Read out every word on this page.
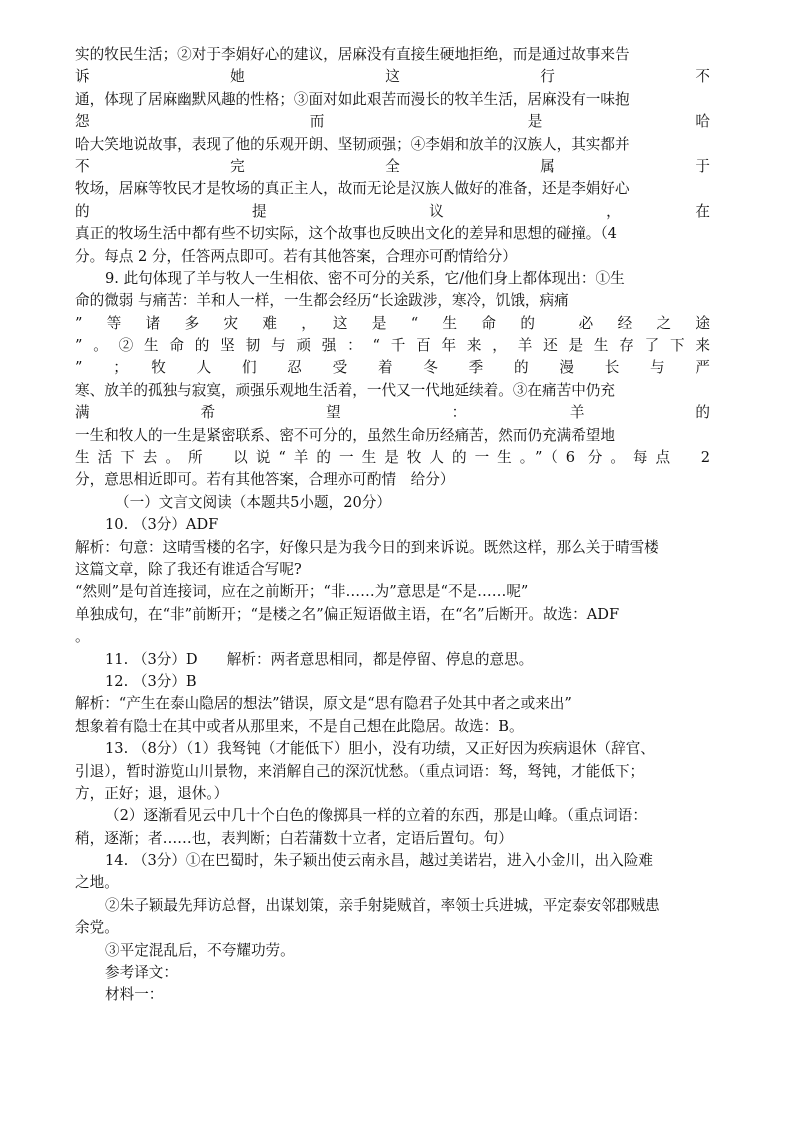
实的牧民生活；②对于李娟好心的建议，居麻没有直接生硬地拒绝，而是通过故事来告
诉　　　　　　　　她　　　　　　　　这　　　　　　　　行　　　　　　　　不
通，体现了居麻幽默风趣的性格；③面对如此艰苦而漫长的牧羊生活，居麻没有一味抱
怨　　　　　　　　　　　　　而　　　　　　　　　　　　是　　　　　　　　　哈
哈大笑地说故事，表现了他的乐观开朗、坚韧顽强；④李娟和放羊的汉族人，其实都并
不　　　　　　完　　　　　　全　　　　　　属　　　　　　于
牧场，居麻等牧民才是牧场的真正主人，故而无论是汉族人做好的准备，还是李娟好心
的　　　　　　　　　　提　　　　　　　　　　议　　　　　　　　　　，　　　　　在
真正的牧场生活中都有些不切实际，这个故事也反映出文化的差异和思想的碰撞。（4
分。每点 2 分，任答两点即可。若有其他答案，合理亦可酌情给分）
9. 此句体现了羊与牧人一生相依、密不可分的关系，它/他们身上都体现出：①生
命的微弱 与痛苦：羊和人一样，一生都会经历“长途跋涉，寒冷，饥饿，病痛
”　等　诸　多　灾　难　，　这　是　“　生　命　的　　必　经　之　途
”。②生命的坚韧与顽强：“千百年来，羊还是生存了下来
”　；　牧　人　们　忍　受　着　冬　季　的　漫　长　与　严
寒、放羊的孤独与寂寞，顽强乐观地生活着，一代又一代地延续着。③在痛苦中仍充
满　　　　　　希　　　　　　望　　　　　　：　　　　　　羊　　　　　　的
一生和牧人的一生是紧密联系、密不可分的，虽然生命历经痛苦，然而仍充满希望地
生活下去。所　以说“羊的一生是牧人的一生。”（6 分。每点　2
分，意思相近即可。若有其他答案，合理亦可酌情　给分）
（一）文言文阅读（本题共5小题，20分）
10. （3分）ADF
解析：句意：这晴雪楼的名字，好像只是为我今日的到来诉说。既然这样，那么关于晴雪楼
这篇文章，除了我还有谁适合写呢?
“然则”是句首连接词，应在之前断开；“非……为”意思是“不是……呢”
单独成句，在“非”前断开；“是楼之名”偏正短语做主语，在“名”后断开。故选：ADF
。
11. （3分）D　　解析：两者意思相同，都是停留、停息的意思。
12. （3分）B
解析：“产生在泰山隐居的想法”错误，原文是“思有隐君子处其中者之或来出”
想象着有隐士在其中或者从那里来，不是自己想在此隐居。故选：B。
13. （8分）（1）我驽钝（才能低下）胆小，没有功绩，又正好因为疾病退休（辞官、
引退），暂时游览山川景物，来消解自己的深沉忧愁。（重点词语：驽，驽钝，才能低下；
方，正好；退，退休。）
（2）逐渐看见云中几十个白色的像掷具一样的立着的东西，那是山峰。（重点词语：
稍，逐渐；者……也，表判断；白若蒲数十立者，定语后置句。句）
14. （3分）①在巴蜀时，朱子颖出使云南永昌，越过美诺岩，进入小金川，出入险难
之地。
②朱子颖最先拜访总督，出谋划策，亲手射毙贼首，率领士兵进城，平定泰安邻郡贼患
余党。
③平定混乱后，不夸耀功劳。
参考译文：
材料一：
